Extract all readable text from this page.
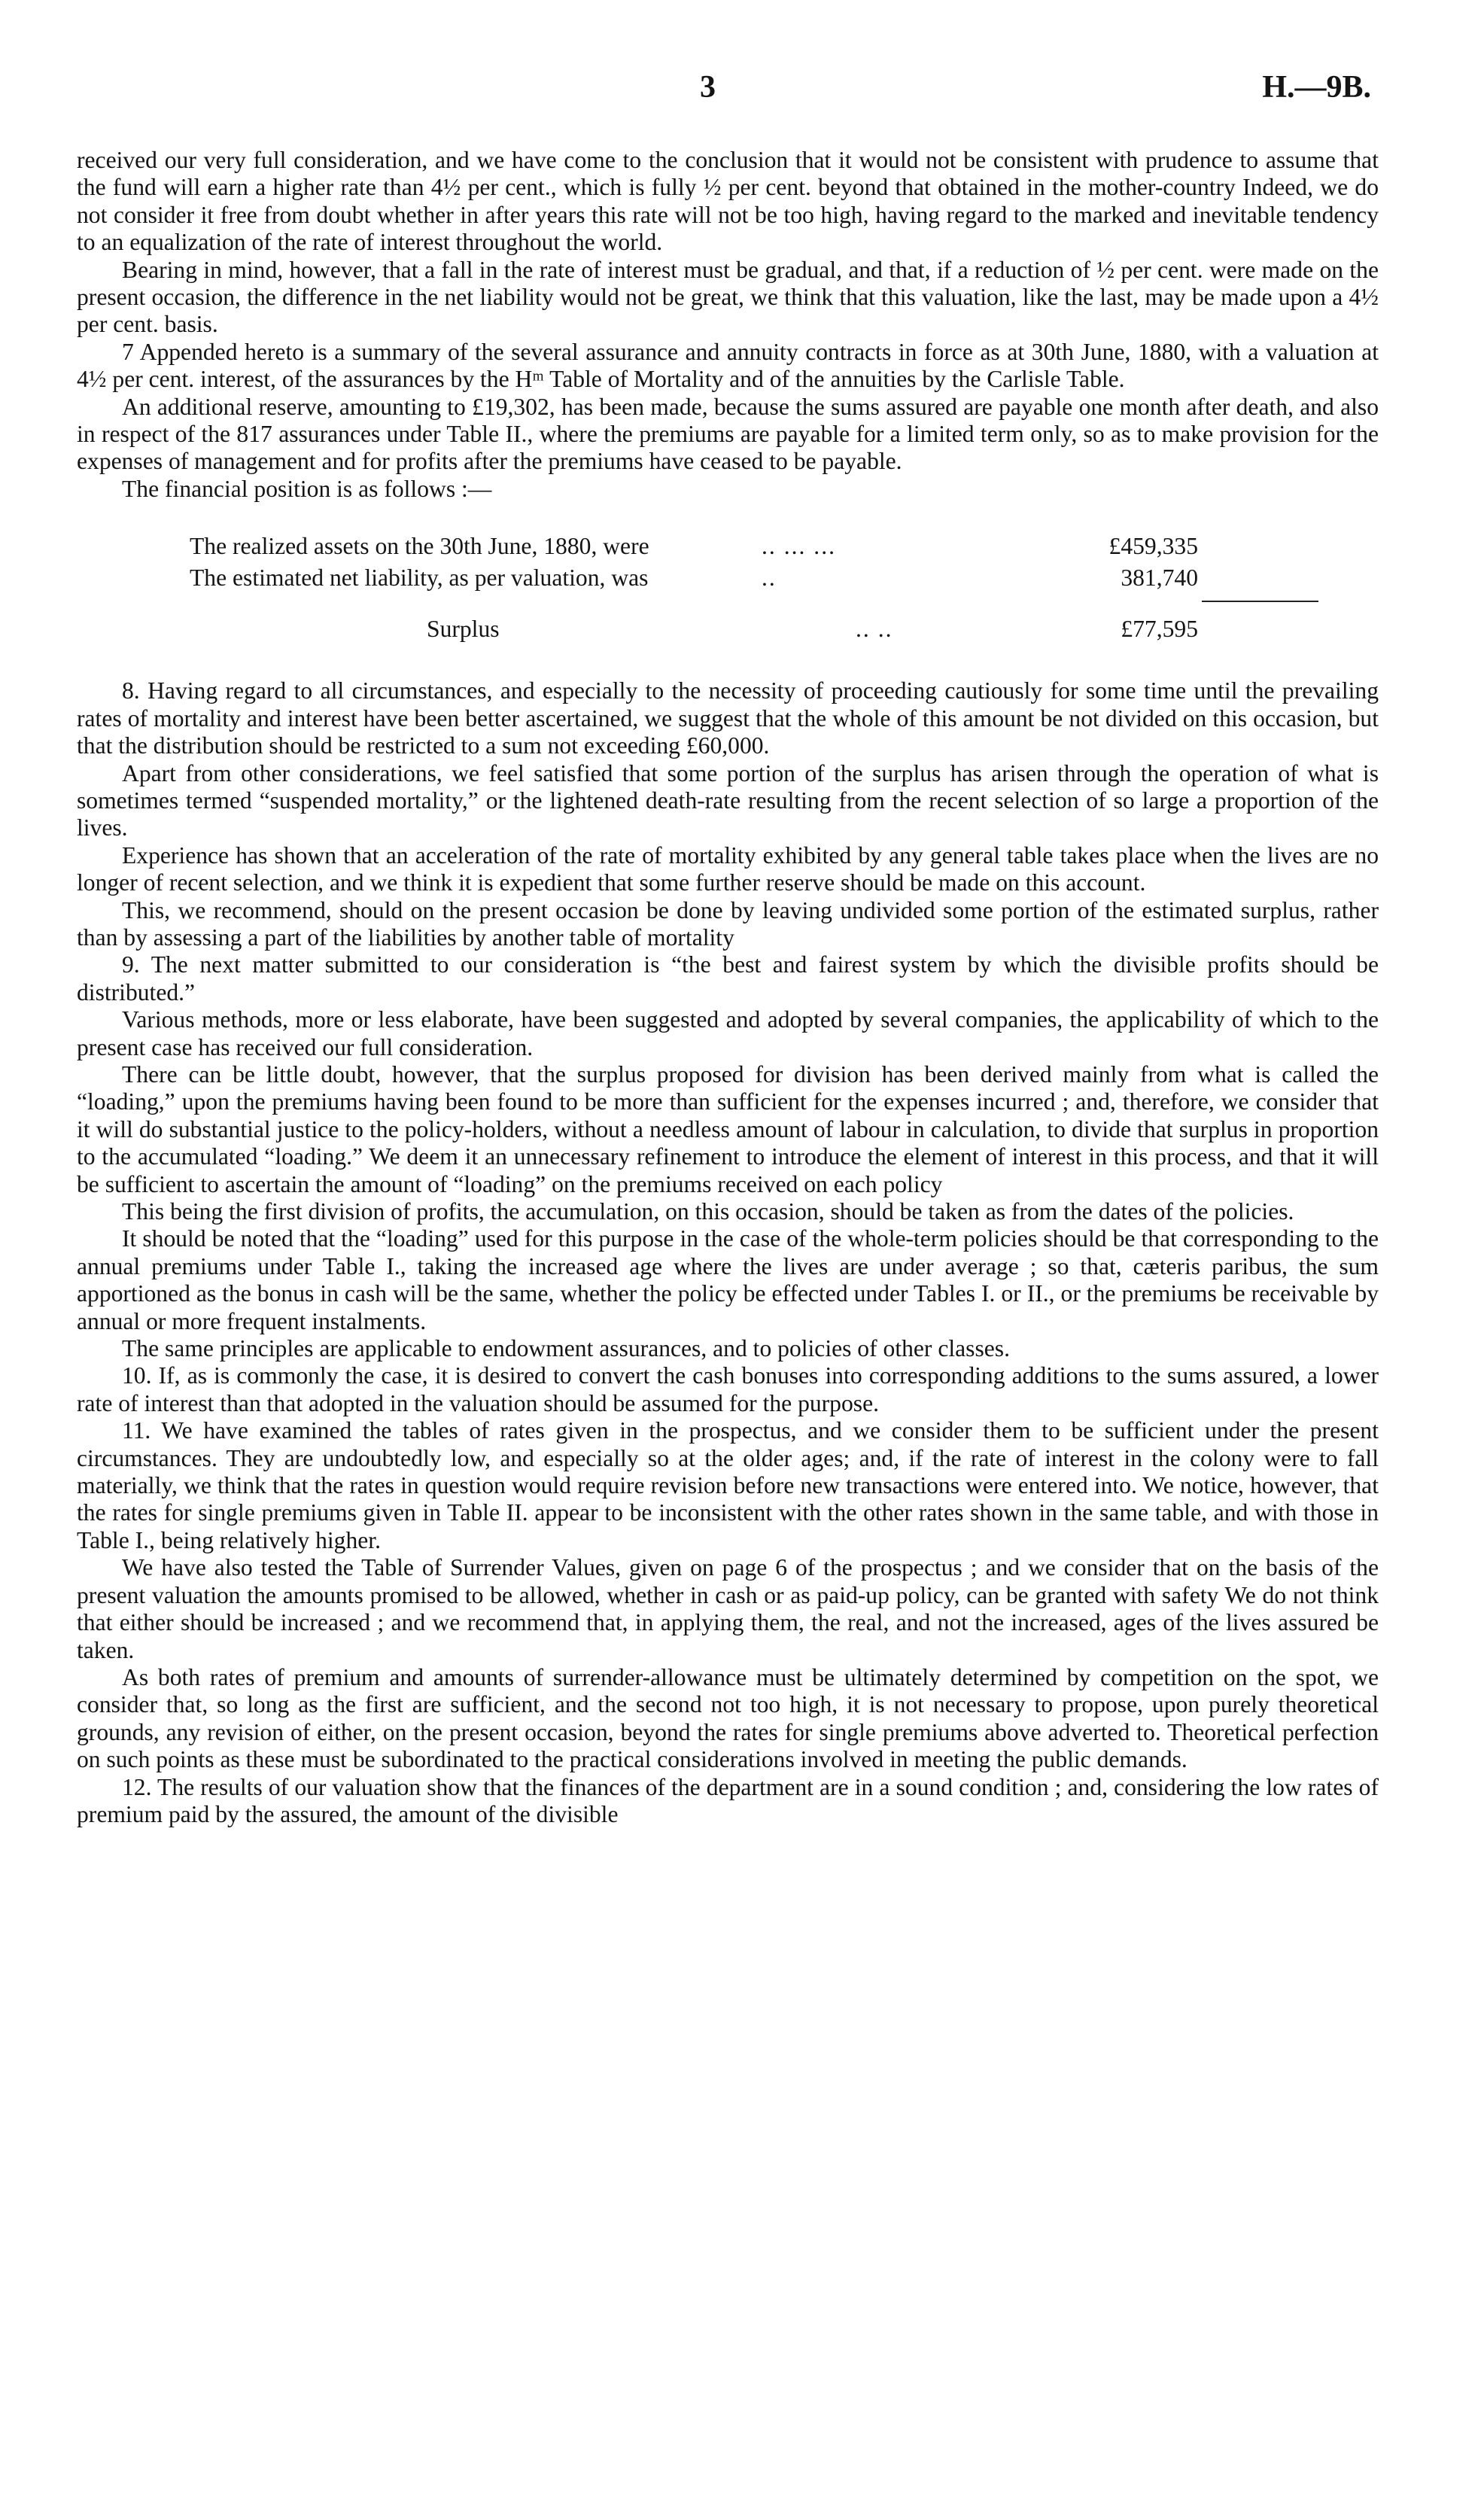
3	H.—9B.

received our very full consideration, and we have come to the conclusion that it would not be consistent with prudence to assume that the fund will earn a higher rate than 4½ per cent., which is fully ½ per cent. beyond that obtained in the mother-country Indeed, we do not consider it free from doubt whether in after years this rate will not be too high, having regard to the marked and inevitable tendency to an equalization of the rate of interest throughout the world.

Bearing in mind, however, that a fall in the rate of interest must be gradual, and that, if a reduction of ½ per cent. were made on the present occasion, the difference in the net liability would not be great, we think that this valuation, like the last, may be made upon a 4½ per cent. basis.

7 Appended hereto is a summary of the several assurance and annuity contracts in force as at 30th June, 1880, with a valuation at 4½ per cent. interest, of the assurances by the Hᵐ Table of Mortality and of the annuities by the Carlisle Table.

An additional reserve, amounting to £19,302, has been made, because the sums assured are payable one month after death, and also in respect of the 817 assurances under Table II., where the premiums are payable for a limited term only, so as to make provision for the expenses of management and for profits after the premiums have ceased to be payable.

The financial position is as follows :—

The realized assets on the 30th June, 1880, were	.. ... ...	£459,335
The estimated net liability, as per valuation, was	..	381,740
Surplus	.. ..	£77,595

8. Having regard to all circumstances, and especially to the necessity of proceeding cautiously for some time until the prevailing rates of mortality and interest have been better ascertained, we suggest that the whole of this amount be not divided on this occasion, but that the distribution should be restricted to a sum not exceeding £60,000.

Apart from other considerations, we feel satisfied that some portion of the surplus has arisen through the operation of what is sometimes termed “suspended mortality,” or the lightened death-rate resulting from the recent selection of so large a proportion of the lives.

Experience has shown that an acceleration of the rate of mortality exhibited by any general table takes place when the lives are no longer of recent selection, and we think it is expedient that some further reserve should be made on this account.

This, we recommend, should on the present occasion be done by leaving undivided some portion of the estimated surplus, rather than by assessing a part of the liabilities by another table of mortality

9. The next matter submitted to our consideration is “the best and fairest system by which the divisible profits should be distributed.”

Various methods, more or less elaborate, have been suggested and adopted by several companies, the applicability of which to the present case has received our full consideration.

There can be little doubt, however, that the surplus proposed for division has been derived mainly from what is called the “loading,” upon the premiums having been found to be more than sufficient for the expenses incurred ; and, therefore, we consider that it will do substantial justice to the policy-holders, without a needless amount of labour in calculation, to divide that surplus in proportion to the accumulated “loading.” We deem it an unnecessary refinement to introduce the element of interest in this process, and that it will be sufficient to ascertain the amount of “loading” on the premiums received on each policy

This being the first division of profits, the accumulation, on this occasion, should be taken as from the dates of the policies.

It should be noted that the “loading” used for this purpose in the case of the whole-term policies should be that corresponding to the annual premiums under Table I., taking the increased age where the lives are under average ; so that, cæteris paribus, the sum apportioned as the bonus in cash will be the same, whether the policy be effected under Tables I. or II., or the premiums be receivable by annual or more frequent instalments.

The same principles are applicable to endowment assurances, and to policies of other classes.

10. If, as is commonly the case, it is desired to convert the cash bonuses into corresponding additions to the sums assured, a lower rate of interest than that adopted in the valuation should be assumed for the purpose.

11. We have examined the tables of rates given in the prospectus, and we consider them to be sufficient under the present circumstances. They are undoubtedly low, and especially so at the older ages; and, if the rate of interest in the colony were to fall materially, we think that the rates in question would require revision before new transactions were entered into. We notice, however, that the rates for single premiums given in Table II. appear to be inconsistent with the other rates shown in the same table, and with those in Table I., being relatively higher.

We have also tested the Table of Surrender Values, given on page 6 of the prospectus ; and we consider that on the basis of the present valuation the amounts promised to be allowed, whether in cash or as paid-up policy, can be granted with safety We do not think that either should be increased ; and we recommend that, in applying them, the real, and not the increased, ages of the lives assured be taken.

As both rates of premium and amounts of surrender-allowance must be ultimately determined by competition on the spot, we consider that, so long as the first are sufficient, and the second not too high, it is not necessary to propose, upon purely theoretical grounds, any revision of either, on the present occasion, beyond the rates for single premiums above adverted to. Theoretical perfection on such points as these must be subordinated to the practical considerations involved in meeting the public demands.

12. The results of our valuation show that the finances of the department are in a sound condition ; and, considering the low rates of premium paid by the assured, the amount of the divisible
